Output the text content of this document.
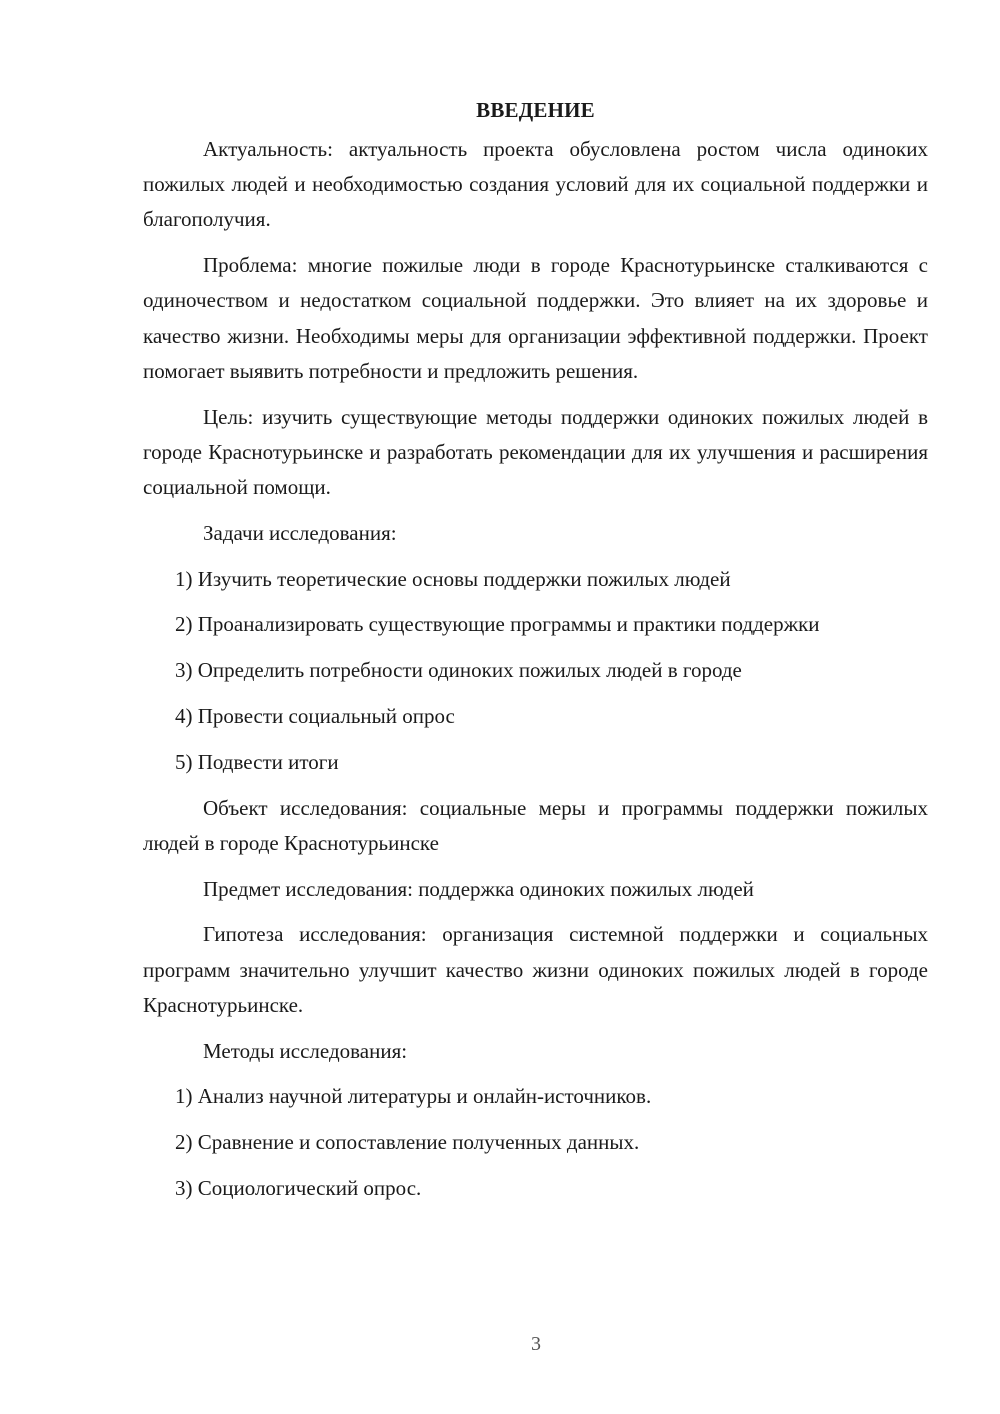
ВВЕДЕНИЕ

Актуальность: актуальность проекта обусловлена ростом числа одиноких пожилых людей и необходимостью создания условий для их социальной поддержки и благополучия.

Проблема: многие пожилые люди в городе Краснотурьинске сталкиваются с одиночеством и недостатком социальной поддержки. Это влияет на их здоровье и качество жизни. Необходимы меры для организации эффективной поддержки. Проект помогает выявить потребности и предложить решения.

Цель: изучить существующие методы поддержки одиноких пожилых людей в городе Краснотурьинске и разработать рекомендации для их улучшения и расширения социальной помощи.

Задачи исследования:

1) Изучить теоретические основы поддержки пожилых людей

2) Проанализировать существующие программы и практики поддержки

3) Определить потребности одиноких пожилых людей в городе

4) Провести социальный опрос

5) Подвести итоги

Объект исследования: социальные меры и программы поддержки пожилых людей в городе Краснотурьинске

Предмет исследования: поддержка одиноких пожилых людей

Гипотеза исследования: организация системной поддержки и социальных программ значительно улучшит качество жизни одиноких пожилых людей в городе Краснотурьинске.

Методы исследования:

1) Анализ научной литературы и онлайн-источников.

2) Сравнение и сопоставление полученных данных.

3) Социологический опрос.

3
